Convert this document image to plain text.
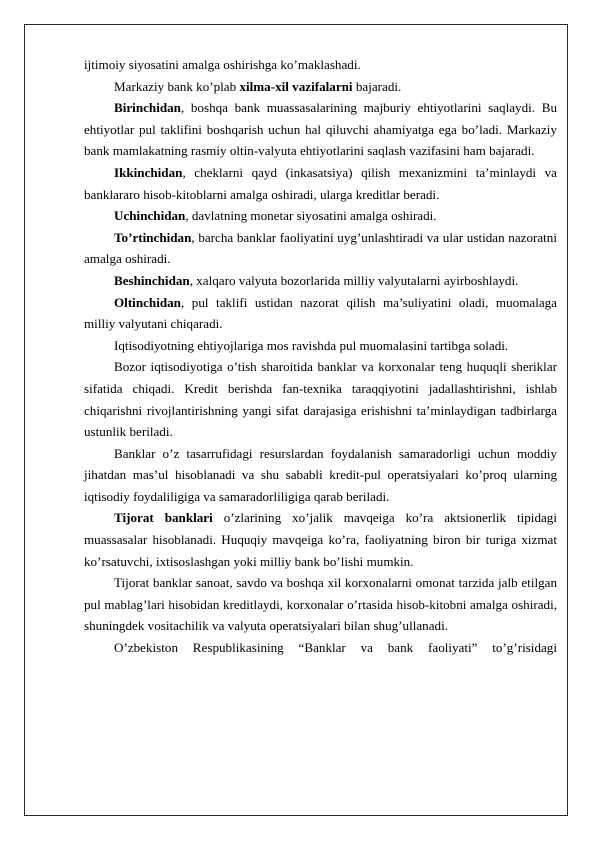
ijtimoiy siyosatini amalga oshirishga ko’maklashadi.

Markaziy bank ko’plab xilma-xil vazifalarni bajaradi.

Birinchidan, boshqa bank muassasalarining majburiy ehtiyotlarini saqlaydi. Bu ehtiyotlar pul taklifini boshqarish uchun hal qiluvchi ahamiyatga ega bo’ladi. Markaziy bank mamlakatning rasmiy oltin-valyuta ehtiyotlarini saqlash vazifasini ham bajaradi.

Ikkinchidan, cheklarni qayd (inkasatsiya) qilish mexanizmini ta’minlaydi va banklararo hisob-kitoblarni amalga oshiradi, ularga kreditlar beradi.

Uchinchidan, davlatning monetar siyosatini amalga oshiradi.

To’rtinchidan, barcha banklar faoliyatini uyg’unlashtiradi va ular ustidan nazoratni amalga oshiradi.

Beshinchidan, xalqaro valyuta bozorlarida milliy valyutalarni ayirboshlaydi.

Oltinchidan, pul taklifi ustidan nazorat qilish ma’suliyatini oladi, muomalaga milliy valyutani chiqaradi.

Iqtisodiyotning ehtiyojlariga mos ravishda pul muomalasini tartibga soladi.

Bozor iqtisodiyotiga o’tish sharoitida banklar va korxonalar teng huquqli sheriklar sifatida chiqadi. Kredit berishda fan-texnika taraqqiyotini jadallashtirishni, ishlab chiqarishni rivojlantirishning yangi sifat darajasiga erishishni ta’minlaydigan tadbirlarga ustunlik beriladi.

Banklar o’z tasarrufidagi resurslardan foydalanish samaradorligi uchun moddiy jihatdan mas’ul hisoblanadi va shu sababli kredit-pul operatsiyalari ko’proq ularning iqtisodiy foydaliligiga va samaradorliligiga qarab beriladi.

Tijorat banklari o’zlarining xo’jalik mavqeiga ko’ra aktsionerlik tipidagi muassasalar hisoblanadi. Huquqiy mavqeiga ko’ra, faoliyatning biron bir turiga xizmat ko’rsatuvchi, ixtisoslashgan yoki milliy bank bo’lishi mumkin.

Tijorat banklar sanoat, savdo va boshqa xil korxonalarni omonat tarzida jalb etilgan pul mablag’lari hisobidan kreditlaydi, korxonalar o’rtasida hisob-kitobni amalga oshiradi, shuningdek vositachilik va valyuta operatsiyalari bilan shug’ullanadi.

O’zbekiston Respublikasining “Banklar va bank faoliyati” to’g’risidagi
